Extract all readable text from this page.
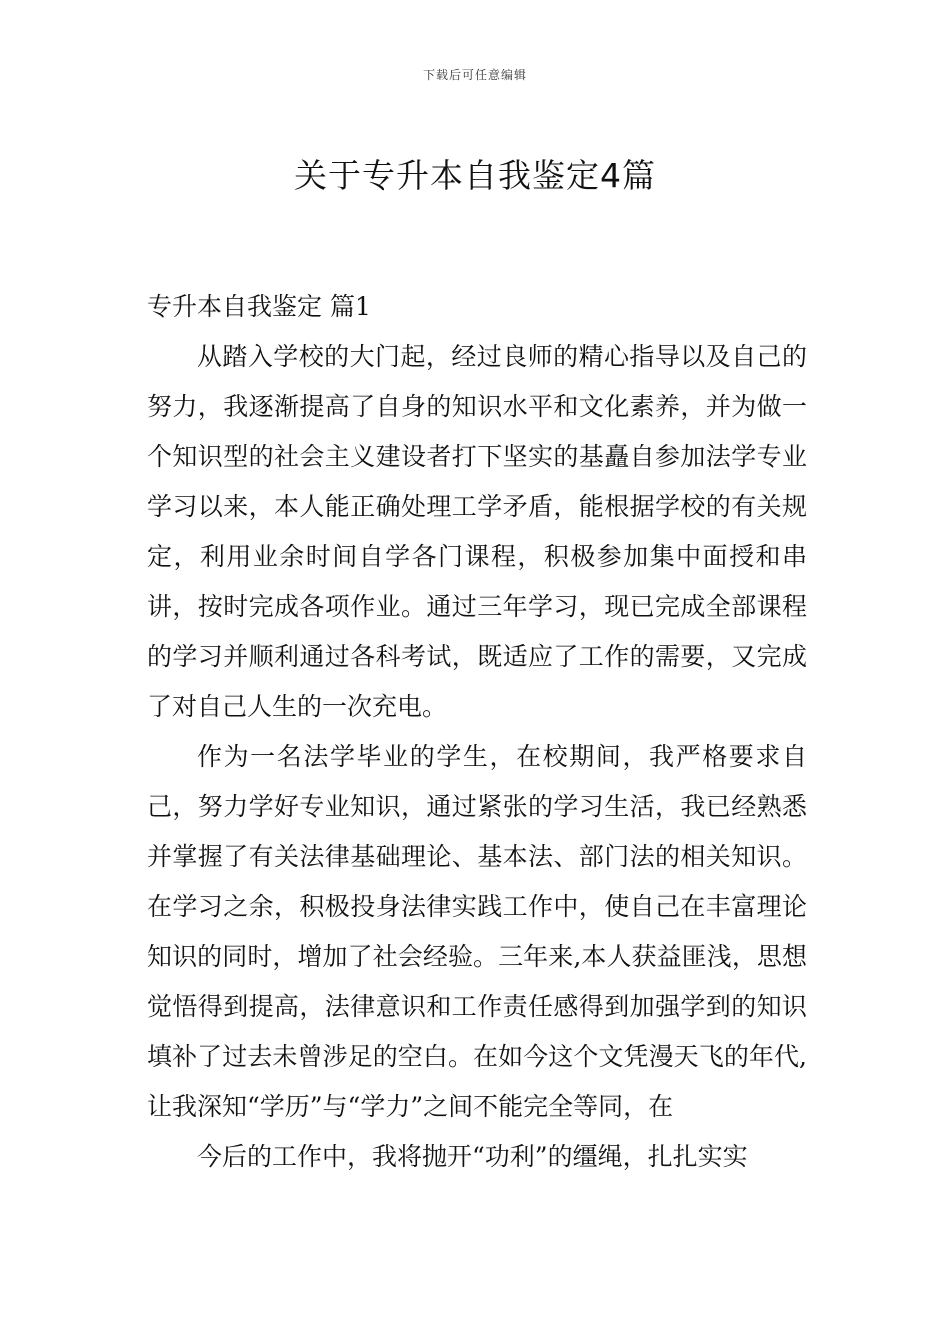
下载后可任意编辑
关于专升本自我鉴定4篇

专升本自我鉴定 篇1

从踏入学校的大门起，经过良师的精心指导以及自己的努力，我逐渐提高了自身的知识水平和文化素养，并为做一个知识型的社会主义建设者打下坚实的基矗自参加法学专业学习以来，本人能正确处理工学矛盾，能根据学校的有关规定，利用业余时间自学各门课程，积极参加集中面授和串讲，按时完成各项作业。通过三年学习，现已完成全部课程的学习并顺利通过各科考试，既适应了工作的需要，又完成了对自己人生的一次充电。

作为一名法学毕业的学生，在校期间，我严格要求自己，努力学好专业知识，通过紧张的学习生活，我已经熟悉并掌握了有关法律基础理论、基本法、部门法的相关知识。在学习之余，积极投身法律实践工作中，使自己在丰富理论知识的同时，增加了社会经验。三年来,本人获益匪浅，思想觉悟得到提高，法律意识和工作责任感得到加强学到的知识填补了过去未曾涉足的空白。在如今这个文凭漫天飞的年代,让我深知“学历”与“学力”之间不能完全等同，在

今后的工作中，我将抛开“功利”的缰绳，扎扎实实
